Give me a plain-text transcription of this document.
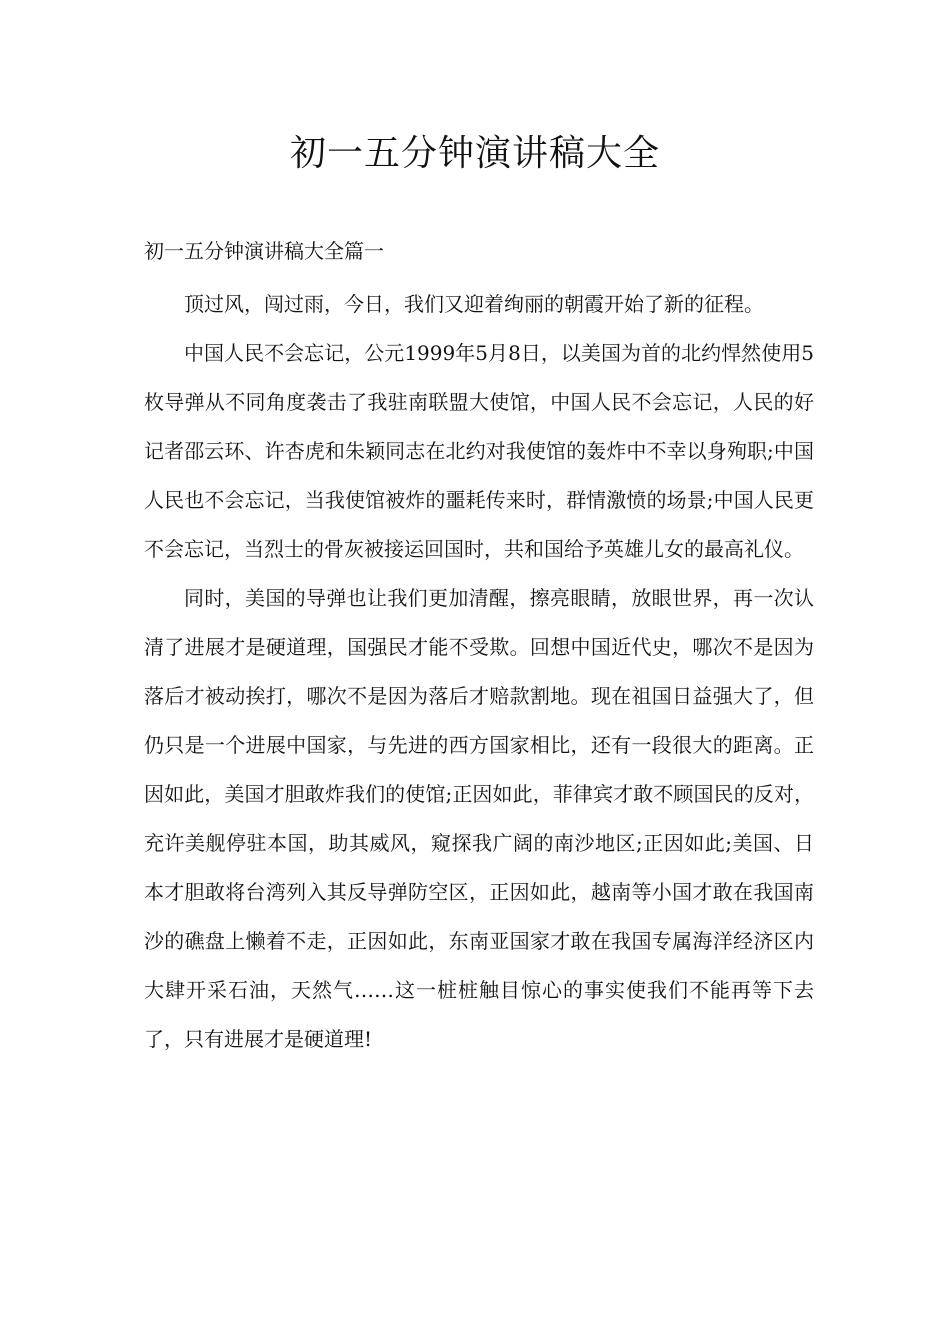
初一五分钟演讲稿大全

初一五分钟演讲稿大全篇一

顶过风，闯过雨，今日，我们又迎着绚丽的朝霞开始了新的征程。

中国人民不会忘记，公元1999年5月8日，以美国为首的北约悍然使用5枚导弹从不同角度袭击了我驻南联盟大使馆，中国人民不会忘记，人民的好记者邵云环、许杏虎和朱颖同志在北约对我使馆的轰炸中不幸以身殉职;中国人民也不会忘记，当我使馆被炸的噩耗传来时，群情激愤的场景;中国人民更不会忘记，当烈士的骨灰被接运回国时，共和国给予英雄儿女的最高礼仪。

同时，美国的导弹也让我们更加清醒，擦亮眼睛，放眼世界，再一次认清了进展才是硬道理，国强民才能不受欺。回想中国近代史，哪次不是因为落后才被动挨打，哪次不是因为落后才赔款割地。现在祖国日益强大了，但仍只是一个进展中国家，与先进的西方国家相比，还有一段很大的距离。正因如此，美国才胆敢炸我们的使馆;正因如此，菲律宾才敢不顾国民的反对，充许美舰停驻本国，助其威风，窥探我广阔的南沙地区;正因如此;美国、日本才胆敢将台湾列入其反导弹防空区，正因如此，越南等小国才敢在我国南沙的礁盘上懒着不走，正因如此，东南亚国家才敢在我国专属海洋经济区内大肆开采石油，天然气……这一桩桩触目惊心的事实使我们不能再等下去了，只有进展才是硬道理!
